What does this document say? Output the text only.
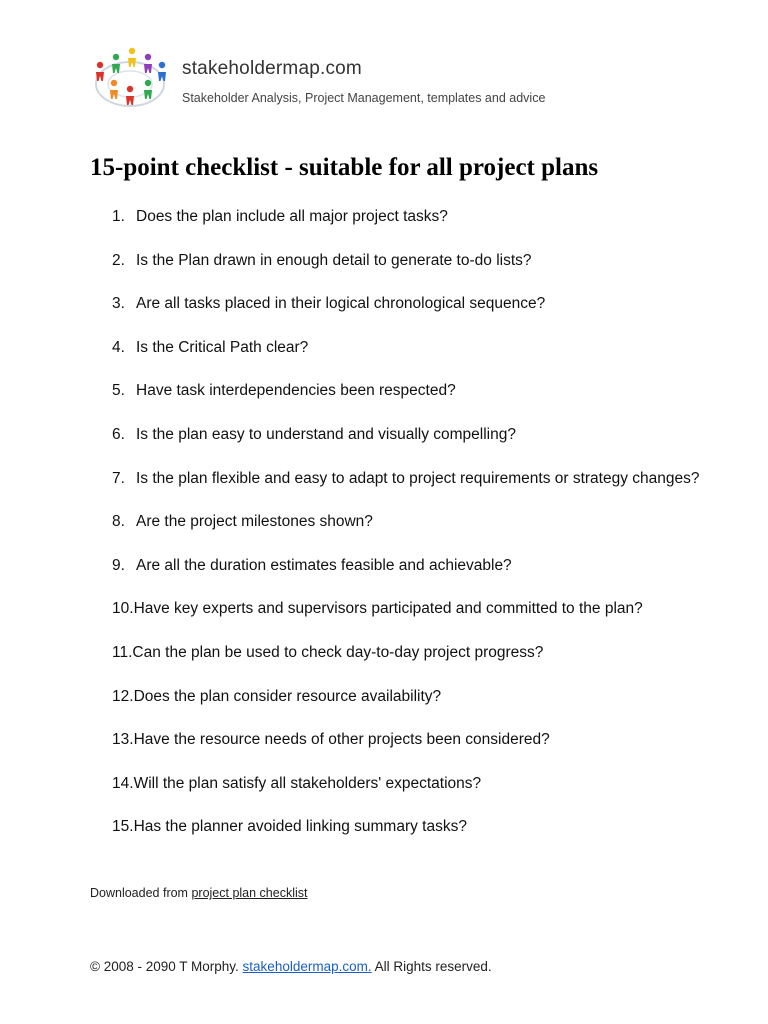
stakeholdermap.com
Stakeholder Analysis, Project Management, templates and advice
15-point checklist - suitable for all project plans
1. Does the plan include all major project tasks?
2. Is the Plan drawn in enough detail to generate to-do lists?
3. Are all tasks placed in their logical chronological sequence?
4. Is the Critical Path clear?
5. Have task interdependencies been respected?
6. Is the plan easy to understand and visually compelling?
7. Is the plan flexible and easy to adapt to project requirements or strategy changes?
8. Are the project milestones shown?
9. Are all the duration estimates feasible and achievable?
10. Have key experts and supervisors participated and committed to the plan?
11. Can the plan be used to check day-to-day project progress?
12. Does the plan consider resource availability?
13. Have the resource needs of other projects been considered?
14. Will the plan satisfy all stakeholders' expectations?
15. Has the planner avoided linking summary tasks?
Downloaded from project plan checklist
© 2008 - 2090 T Morphy. stakeholdermap.com. All Rights reserved.
